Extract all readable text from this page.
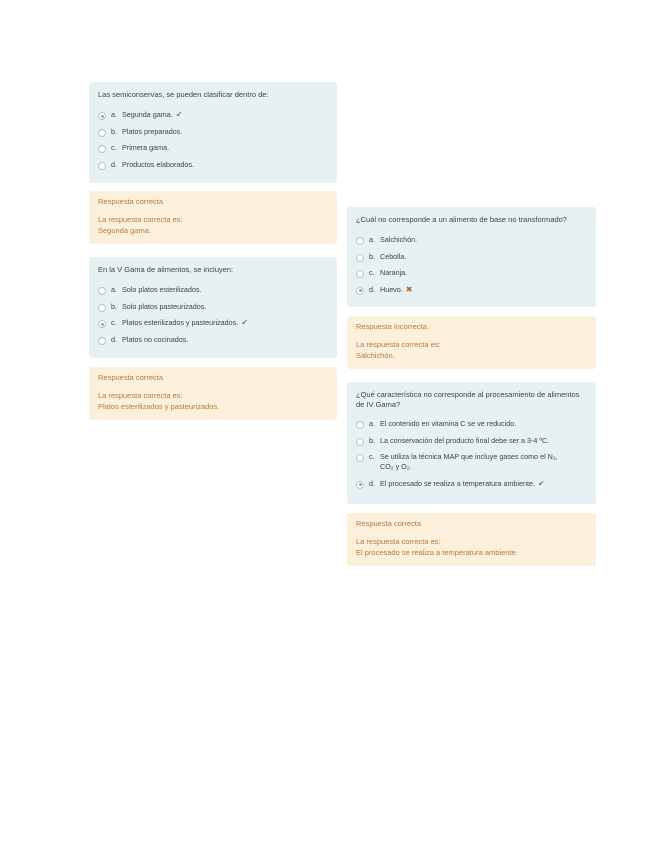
Las semiconservas, se pueden clasificar dentro de:

a. Segunda gama. ✔
b. Platos preparados.
c. Primera gama.
d. Productos elaborados.

Respuesta correcta

La respuesta correcta es:

Segunda gama.

En la V Gama de alimentos, se incluyen:

a. Solo platos esterilizados.
b. Solo platos pasteurizados.
c. Platos esterilizados y pasteurizados. ✔
d. Platos no cocinados.

Respuesta correcta

La respuesta correcta es:

Platos esterilizados y pasteurizados.

¿Cuál no corresponde a un alimento de base no transformado?

a. Salchichón.
b. Cebolla.
c. Naranja.
d. Huevo. ✖

Respuesta incorrecta.

La respuesta correcta es:

Salchichón.

¿Qué característica no corresponde al procesamiento de alimentos de IV Gama?

a. El contenido en vitamina C se ve reducido.
b. La conservación del producto final debe ser a 3-4 ºC.
c. Se utiliza la técnica MAP que incluye gases como el N₂, CO₂ y O₂.
d. El procesado se realiza a temperatura ambiente. ✔

Respuesta correcta

La respuesta correcta es:

El procesado se realiza a temperatura ambiente.
